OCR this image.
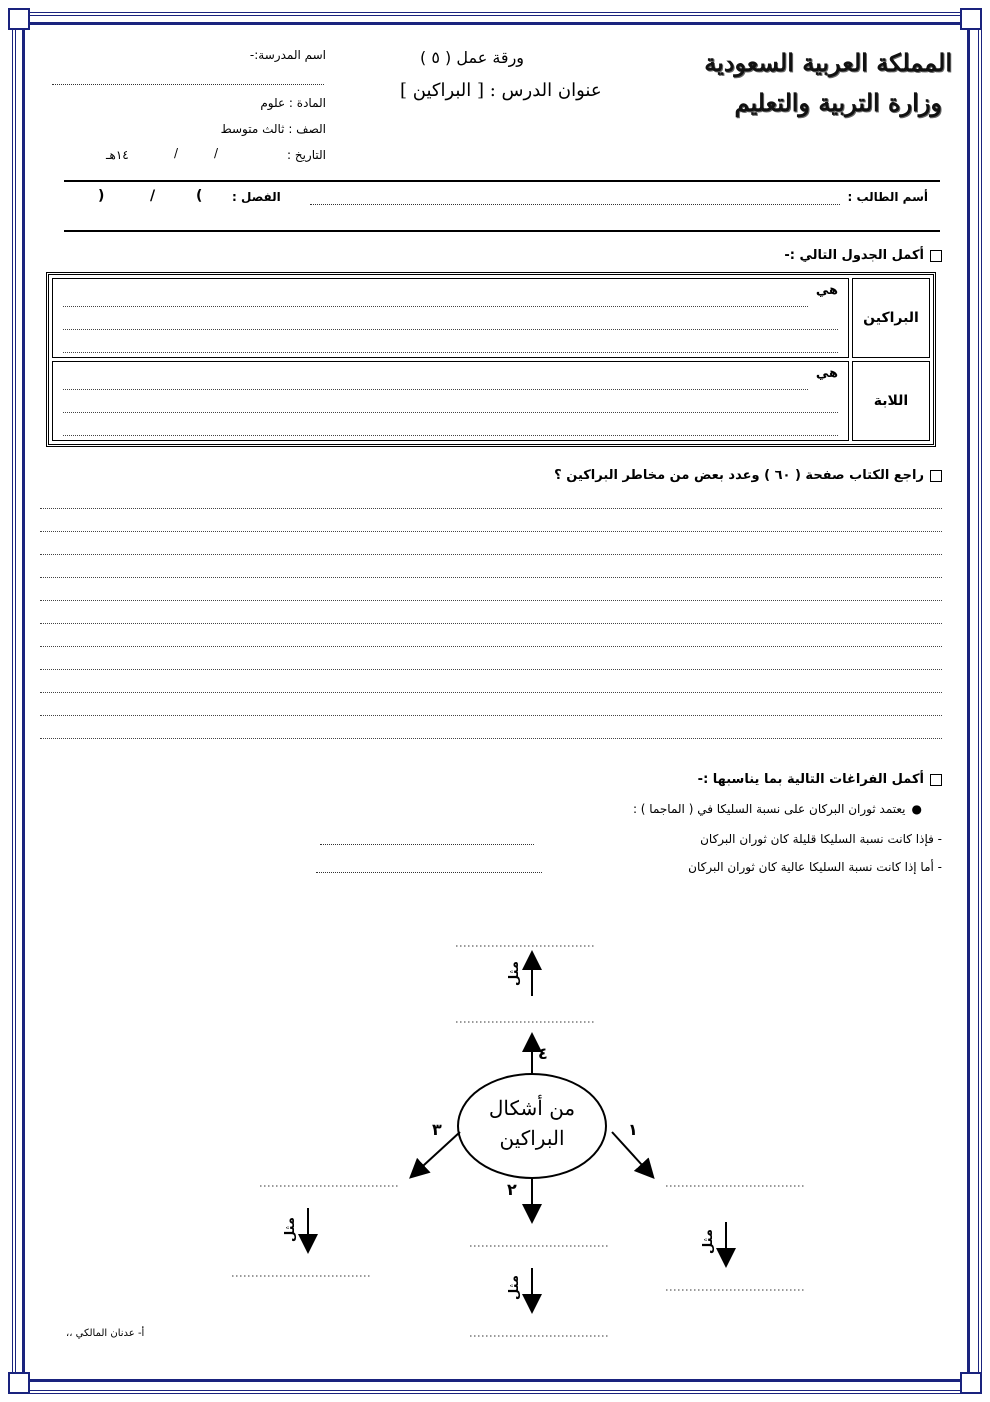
المملكة العربية السعودية
وزارة التربية والتعليم
ورقة عمل ( ٥ )
عنوان الدرس : [ البراكين ]
اسم المدرسة:-
المادة : علوم
الصف : ثالث متوسط
التاريخ :
/
/
١٤هـ
أسم الطالب :
الفصل :
(
/
)
أكمل الجدول التالي :-
هي	البراكين

هي	اللابة
راجع الكتاب صفحة ( ٦٠ ) وعدد بعض من مخاطر البراكين ؟
أكمل الفراغات التالية بما يناسبها :-
●يعتمد ثوران البركان على نسبة السليكا في ( الماجما ) :
- فإذا كانت نسبة السليكا قليلة كان ثوران البركان
- أما إذا كانت نسبة السليكا عالية كان ثوران البركان
من أشكال
البراكين	١
٢
٣
٤
مثل
مثل
مثل
مثل
أ- عدنان المالكي ،،
